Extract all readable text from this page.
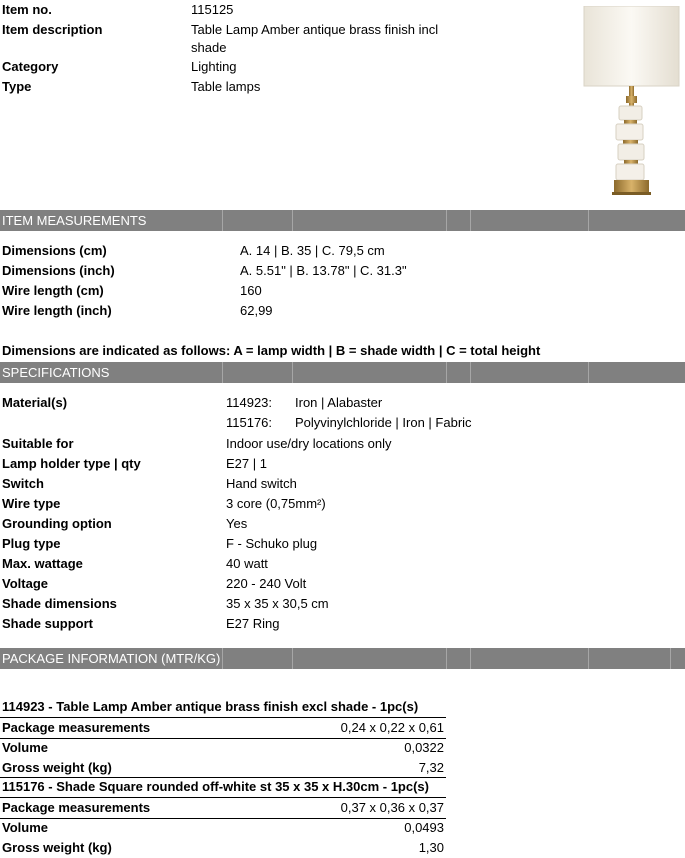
Item no.	115125
Item description	Table Lamp Amber antique brass finish incl
shade
Category	Lighting
Type	Table lamps
ITEM MEASUREMENTS
Dimensions (cm)	A. 14 | B. 35 | C. 79,5 cm
Dimensions (inch)	A. 5.51" | B. 13.78" | C. 31.3"
Wire length (cm)	160
Wire length (inch)	62,99
Dimensions are indicated as follows: A = lamp width | B = shade width | C = total height
SPECIFICATIONS
Material(s)	114923: Iron | Alabaster
115176: Polyvinylchloride | Iron | Fabric
Suitable for	Indoor use/dry locations only
Lamp holder type | qty	E27 | 1
Switch	Hand switch
Wire type	3 core (0,75mm²)
Grounding option	Yes
Plug type	F - Schuko plug
Max. wattage	40 watt
Voltage	220 - 240 Volt
Shade dimensions	35 x 35 x 30,5 cm
Shade support	E27 Ring
PACKAGE INFORMATION (MTR/KG)
114923 - Table Lamp Amber antique brass finish excl shade - 1pc(s)
Package measurements	0,24 x 0,22 x 0,61
Volume	0,0322
Gross weight (kg)	7,32
115176 - Shade Square rounded off-white st 35 x 35 x H.30cm - 1pc(s)
Package measurements	0,37 x 0,36 x 0,37
Volume	0,0493
Gross weight (kg)	1,30
